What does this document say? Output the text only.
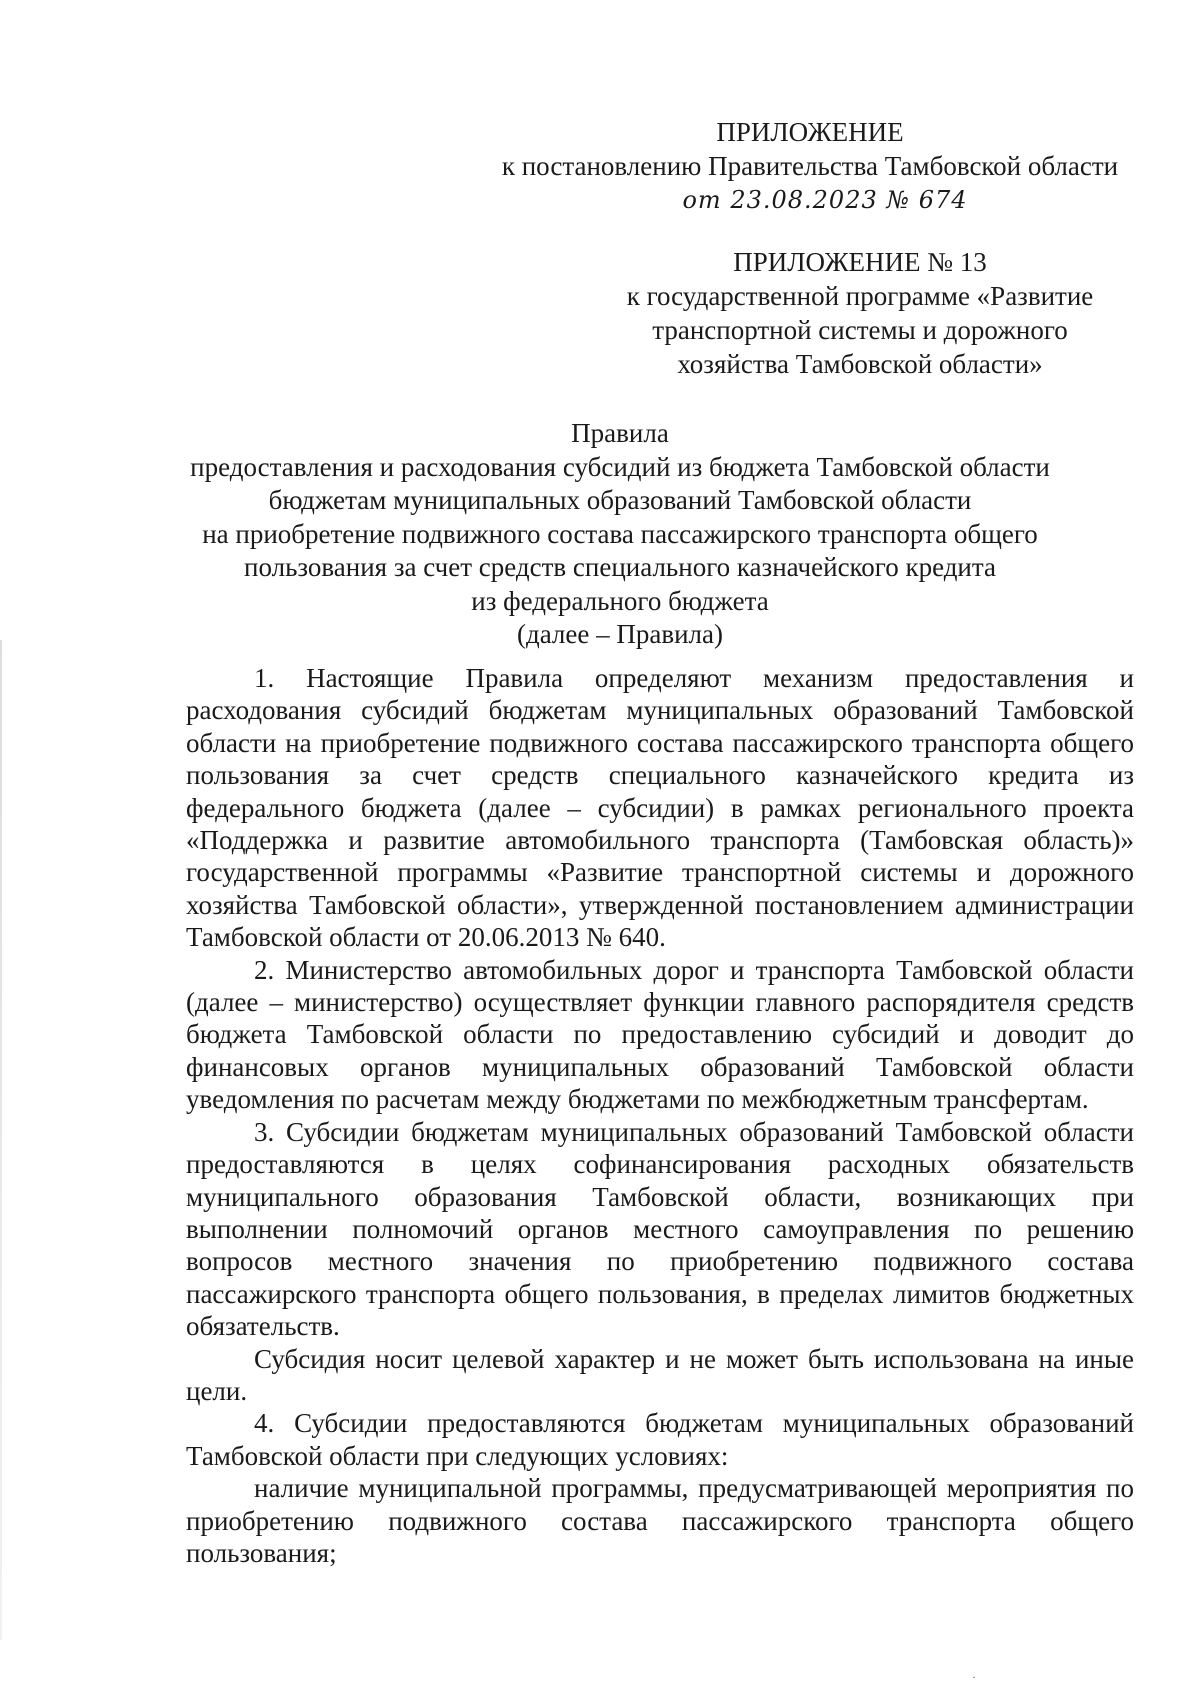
ПРИЛОЖЕНИЕ
к постановлению Правительства Тамбовской области
от 23.08.2023 № 674
ПРИЛОЖЕНИЕ № 13
к государственной программе «Развитие
транспортной системы и дорожного
хозяйства Тамбовской области»
Правила
предоставления и расходования субсидий из бюджета Тамбовской области
бюджетам муниципальных образований Тамбовской области
на приобретение подвижного состава пассажирского транспорта общего
пользования за счет средств специального казначейского кредита
из федерального бюджета
(далее – Правила)

1. Настоящие Правила определяют механизм предоставления и расходования субсидий бюджетам муниципальных образований Тамбовской области на приобретение подвижного состава пассажирского транспорта общего пользования за счет средств специального казначейского кредита из федерального бюджета (далее – субсидии) в рамках регионального проекта «Поддержка и развитие автомобильного транспорта (Тамбовская область)» государственной программы «Развитие транспортной системы и дорожного хозяйства Тамбовской области», утвержденной постановлением администрации Тамбовской области от 20.06.2013 № 640.

2. Министерство автомобильных дорог и транспорта Тамбовской области (далее – министерство) осуществляет функции главного распорядителя средств бюджета Тамбовской области по предоставлению субсидий и доводит до финансовых органов муниципальных образований Тамбовской области уведомления по расчетам между бюджетами по межбюджетным трансфертам.

3. Субсидии бюджетам муниципальных образований Тамбовской области предоставляются в целях софинансирования расходных обязательств муниципального образования Тамбовской области, возникающих при выполнении полномочий органов местного самоуправления по решению вопросов местного значения по приобретению подвижного состава пассажирского транспорта общего пользования, в пределах лимитов бюджетных обязательств.

Субсидия носит целевой характер и не может быть использована на иные цели.

4. Субсидии предоставляются бюджетам муниципальных образований Тамбовской области при следующих условиях:

наличие муниципальной программы, предусматривающей мероприятия по приобретению подвижного состава пассажирского транспорта общего пользования;

·
